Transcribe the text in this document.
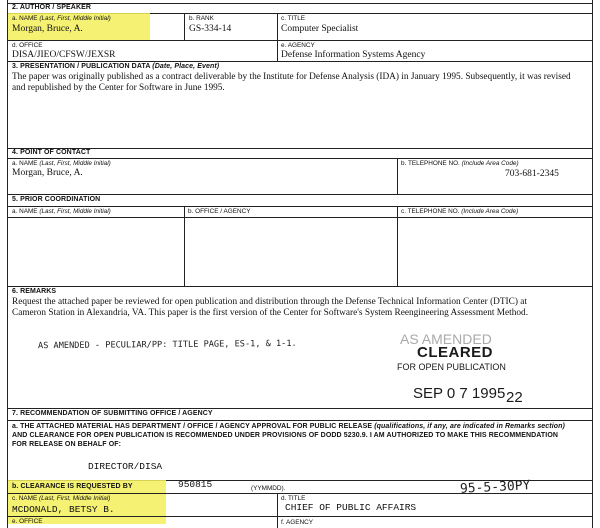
2. AUTHOR / SPEAKER
a. NAME (Last, First, Middle Initial)
Morgan, Bruce, A.
b. RANK
GS-334-14
c. TITLE
Computer Specialist
d. OFFICE
DISA/JIEO/CFSW/JEXSR
e. AGENCY
Defense Information Systems Agency
3. PRESENTATION / PUBLICATION DATA (Date, Place, Event)
The paper was originally published as a contract deliverable by the Institute for Defense Analysis (IDA) in January 1995. Subsequently, it was revised and republished by the Center for Software in June 1995.
4. POINT OF CONTACT
a. NAME (Last, First, Middle Initial)
Morgan, Bruce, A.
b. TELEPHONE NO. (Include Area Code)
703-681-2345
5. PRIOR COORDINATION
a. NAME (Last, First, Middle Initial)	b. OFFICE / AGENCY	c. TELEPHONE NO. (Include Area Code)
6. REMARKS
Request the attached paper be reviewed for open publication and distribution through the Defense Technical Information Center (DTIC) at Cameron Station in Alexandria, VA. This paper is the first version of the Center for Software's System Reengineering Assessment Method.
AS AMENDED - PECULIAR/PP: TITLE PAGE, ES-1, & 1-1.	AS AMENDED
CLEARED
FOR OPEN PUBLICATION
SEP 0 7 1995 22
7. RECOMMENDATION OF SUBMITTING OFFICE / AGENCY
a. THE ATTACHED MATERIAL HAS DEPARTMENT / OFFICE / AGENCY APPROVAL FOR PUBLIC RELEASE (qualifications, if any, are indicated in Remarks section) AND CLEARANCE FOR OPEN PUBLICATION IS RECOMMENDED UNDER PROVISIONS OF DODD 5230.9. I AM AUTHORIZED TO MAKE THIS RECOMMENDATION FOR RELEASE ON BEHALF OF:
DIRECTOR/DISA
b. CLEARANCE IS REQUESTED BY	950815	(YYMMDD).	95-5-30PY
c. NAME (Last, First, Middle Initial)
MCDONALD, BETSY B.
d. TITLE
CHIEF OF PUBLIC AFFAIRS
e. OFFICE	f. AGENCY
